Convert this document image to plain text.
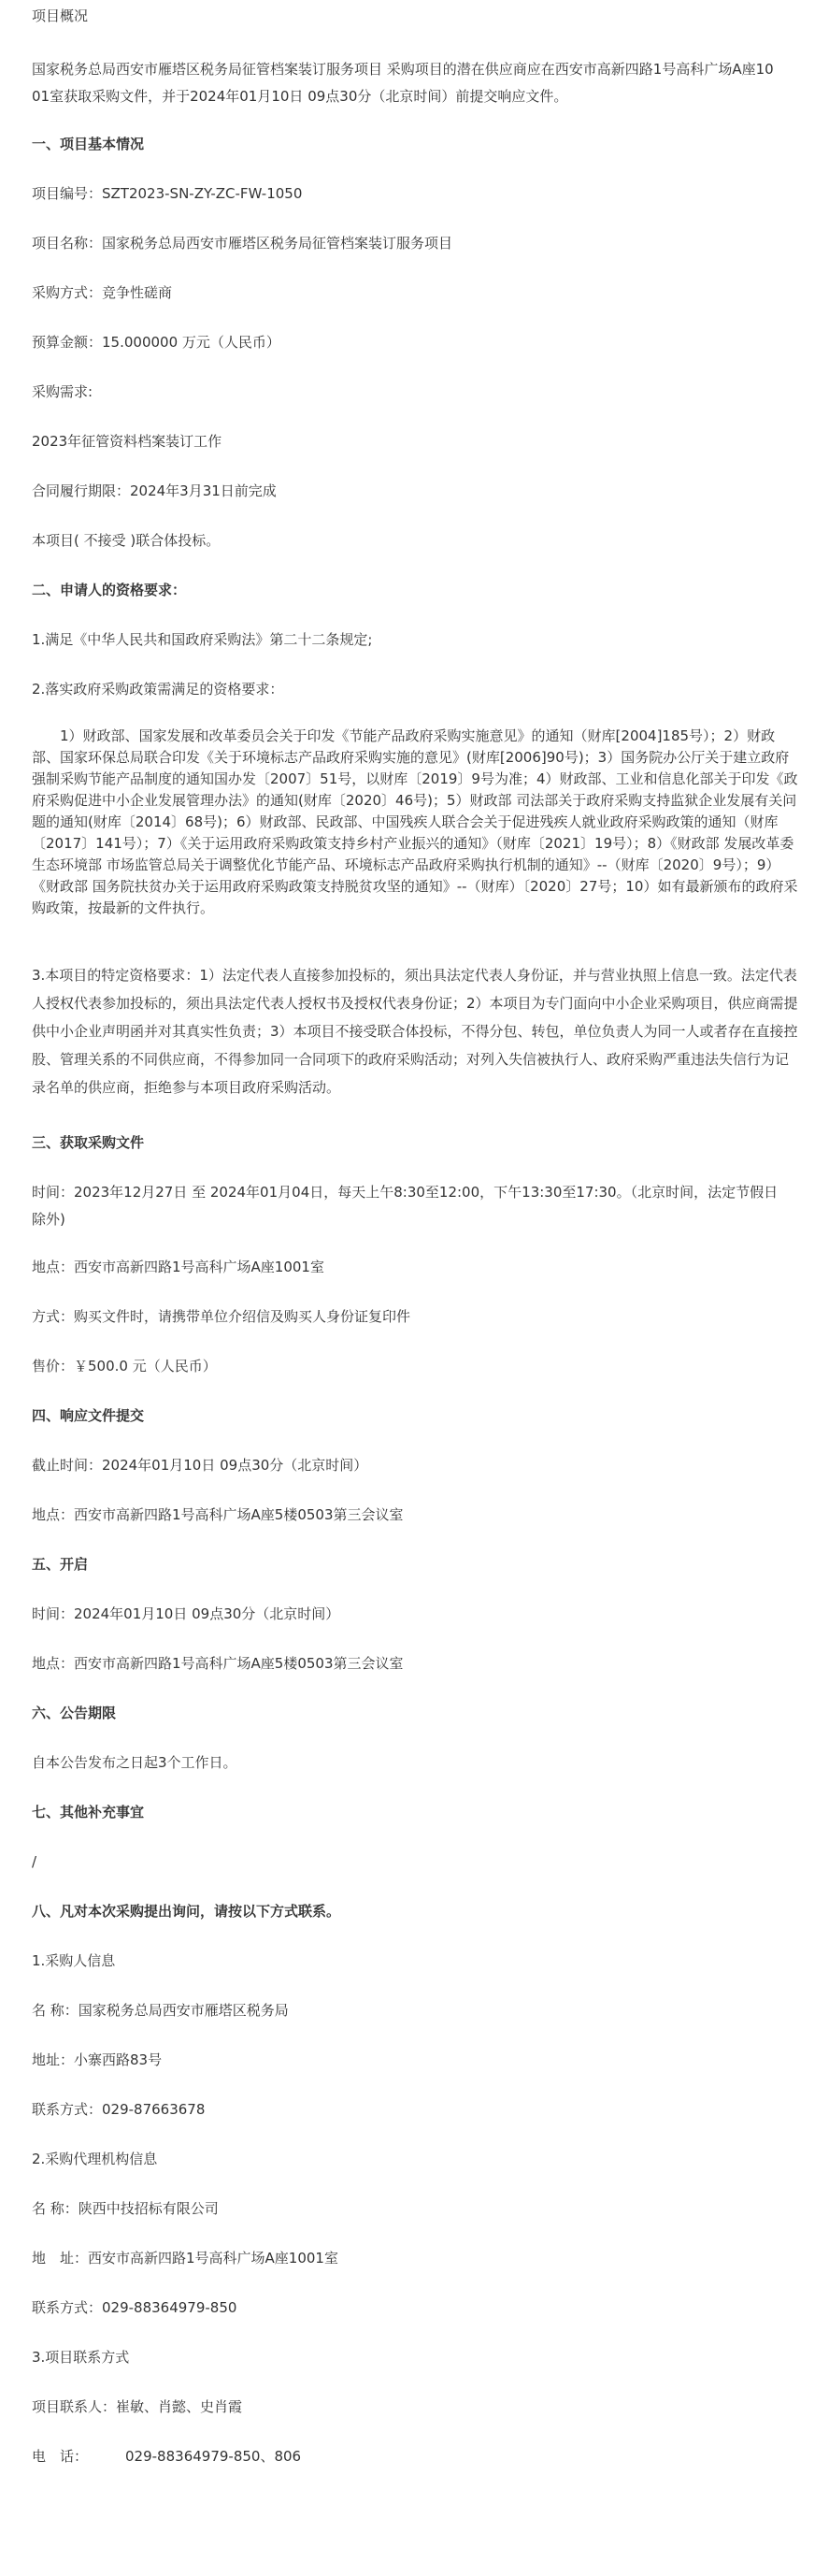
项目概况

国家税务总局西安市雁塔区税务局征管档案装订服务项目 采购项目的潜在供应商应在西安市高新四路1号高科广场A座1001室获取采购文件，并于2024年01月10日 09点30分（北京时间）前提交响应文件。

一、项目基本情况

项目编号：SZT2023-SN-ZY-ZC-FW-1050

项目名称：国家税务总局西安市雁塔区税务局征管档案装订服务项目

采购方式：竞争性磋商

预算金额：15.000000 万元（人民币）

采购需求:

2023年征管资料档案装订工作

合同履行期限：2024年3月31日前完成

本项目( 不接受 )联合体投标。

二、申请人的资格要求：

1.满足《中华人民共和国政府采购法》第二十二条规定;

2.落实政府采购政策需满足的资格要求：

1）财政部、国家发展和改革委员会关于印发《节能产品政府采购实施意见》的通知（财库[2004]185号）；2）财政部、国家环保总局联合印发《关于环境标志产品政府采购实施的意见》(财库[2006]90号)；3）国务院办公厅关于建立政府强制采购节能产品制度的通知国办发〔2007〕51号，以财库〔2019〕9号为准；4）财政部、工业和信息化部关于印发《政府采购促进中小企业发展管理办法》的通知(财库〔2020〕46号)；5）财政部 司法部关于政府采购支持监狱企业发展有关问题的通知(财库〔2014〕68号)；6）财政部、民政部、中国残疾人联合会关于促进残疾人就业政府采购政策的通知（财库〔2017〕141号）；7）《关于运用政府采购政策支持乡村产业振兴的通知》（财库〔2021〕19号）；8）《财政部 发展改革委 生态环境部 市场监管总局关于调整优化节能产品、环境标志产品政府采购执行机制的通知》--（财库〔2020〕9号）；9）《财政部 国务院扶贫办关于运用政府采购政策支持脱贫攻坚的通知》--（财库）〔2020〕27号；10）如有最新颁布的政府采购政策，按最新的文件执行。

3.本项目的特定资格要求：1）法定代表人直接参加投标的，须出具法定代表人身份证，并与营业执照上信息一致。法定代表人授权代表参加投标的，须出具法定代表人授权书及授权代表身份证；2）本项目为专门面向中小企业采购项目，供应商需提供中小企业声明函并对其真实性负责；3）本项目不接受联合体投标，不得分包、转包，单位负责人为同一人或者存在直接控股、管理关系的不同供应商，不得参加同一合同项下的政府采购活动；对列入失信被执行人、政府采购严重违法失信行为记录名单的供应商，拒绝参与本项目政府采购活动。

三、获取采购文件

时间：2023年12月27日 至 2024年01月04日，每天上午8:30至12:00，下午13:30至17:30。（北京时间，法定节假日除外)

地点：西安市高新四路1号高科广场A座1001室

方式：购买文件时，请携带单位介绍信及购买人身份证复印件

售价：￥500.0 元（人民币）

四、响应文件提交

截止时间：2024年01月10日 09点30分（北京时间）

地点：西安市高新四路1号高科广场A座5楼0503第三会议室

五、开启

时间：2024年01月10日 09点30分（北京时间）

地点：西安市高新四路1号高科广场A座5楼0503第三会议室

六、公告期限

自本公告发布之日起3个工作日。

七、其他补充事宜

/

八、凡对本次采购提出询问，请按以下方式联系。

1.采购人信息

名 称：国家税务总局西安市雁塔区税务局

地址：小寨西路83号

联系方式：029-87663678

2.采购代理机构信息

名 称：陕西中技招标有限公司

地　址：西安市高新四路1号高科广场A座1001室

联系方式：029-88364979-850

3.项目联系方式

项目联系人：崔敏、肖懿、史肖霞

电　话：	029-88364979-850、806
